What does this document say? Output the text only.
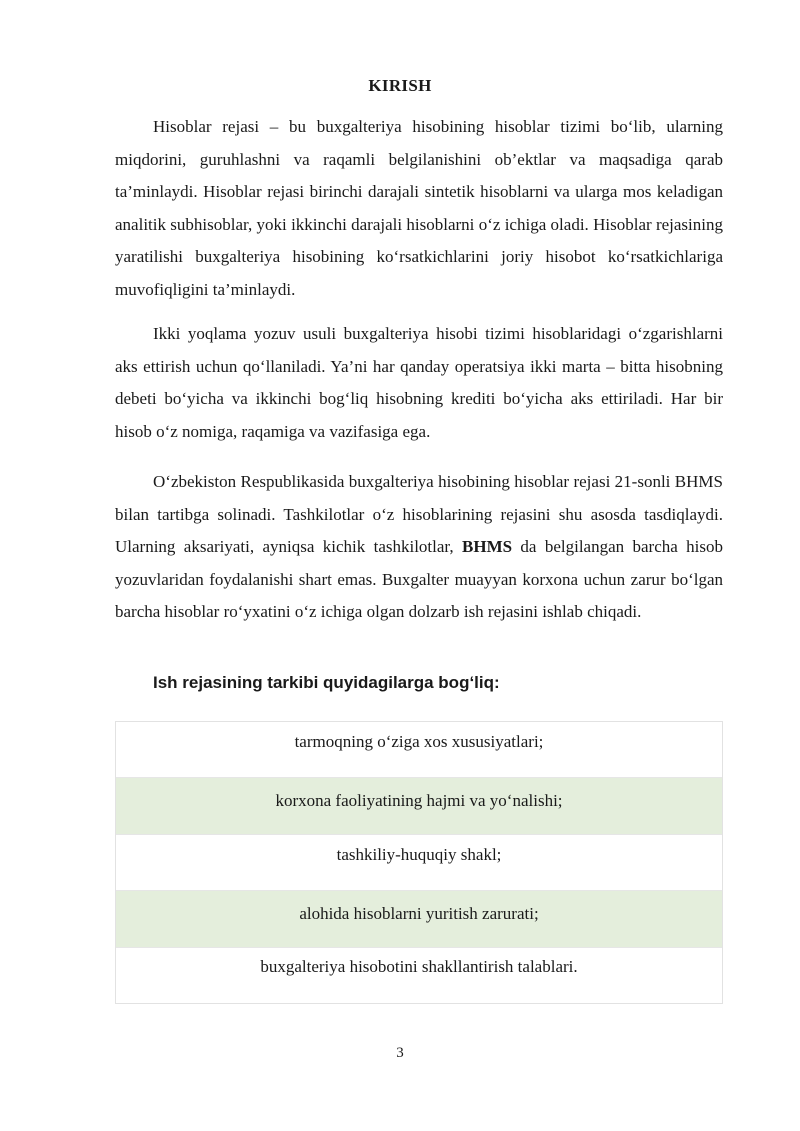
KIRISH

Hisoblar rejasi – bu buxgalteriya hisobining hisoblar tizimi bo‘lib, ularning miqdorini, guruhlashni va raqamli belgilanishini ob’ektlar va maqsadiga qarab ta’minlaydi. Hisoblar rejasi birinchi darajali sintetik hisoblarni va ularga mos keladigan analitik subhisoblar, yoki ikkinchi darajali hisoblarni o‘z ichiga oladi. Hisoblar rejasining yaratilishi buxgalteriya hisobining ko‘rsatkichlarini joriy hisobot ko‘rsatkichlariga muvofiqligini ta’minlaydi.

Ikki yoqlama yozuv usuli buxgalteriya hisobi tizimi hisoblaridagi o‘zgarishlarni aks ettirish uchun qo‘llaniladi. Ya’ni har qanday operatsiya ikki marta – bitta hisobning debeti bo‘yicha va ikkinchi bog‘liq hisobning krediti bo‘yicha aks ettiriladi. Har bir hisob o‘z nomiga, raqamiga va vazifasiga ega.

O‘zbekiston Respublikasida buxgalteriya hisobining hisoblar rejasi 21-sonli BHMS bilan tartibga solinadi. Tashkilotlar o‘z hisoblarining rejasini shu asosda tasdiqlaydi. Ularning aksariyati, ayniqsa kichik tashkilotlar, BHMS da belgilangan barcha hisob yozuvlaridan foydalanishi shart emas. Buxgalter muayyan korxona uchun zarur bo‘lgan barcha hisoblar ro‘yxatini o‘z ichiga olgan dolzarb ish rejasini ishlab chiqadi.

Ish rejasining tarkibi quyidagilarga bog‘liq:
tarmoqning o‘ziga xos xususiyatlari;
korxona faoliyatining hajmi va yo‘nalishi;
tashkiliy-huquqiy shakl;
alohida hisoblarni yuritish zarurati;
buxgalteriya hisobotini shakllantirish talablari.
3
